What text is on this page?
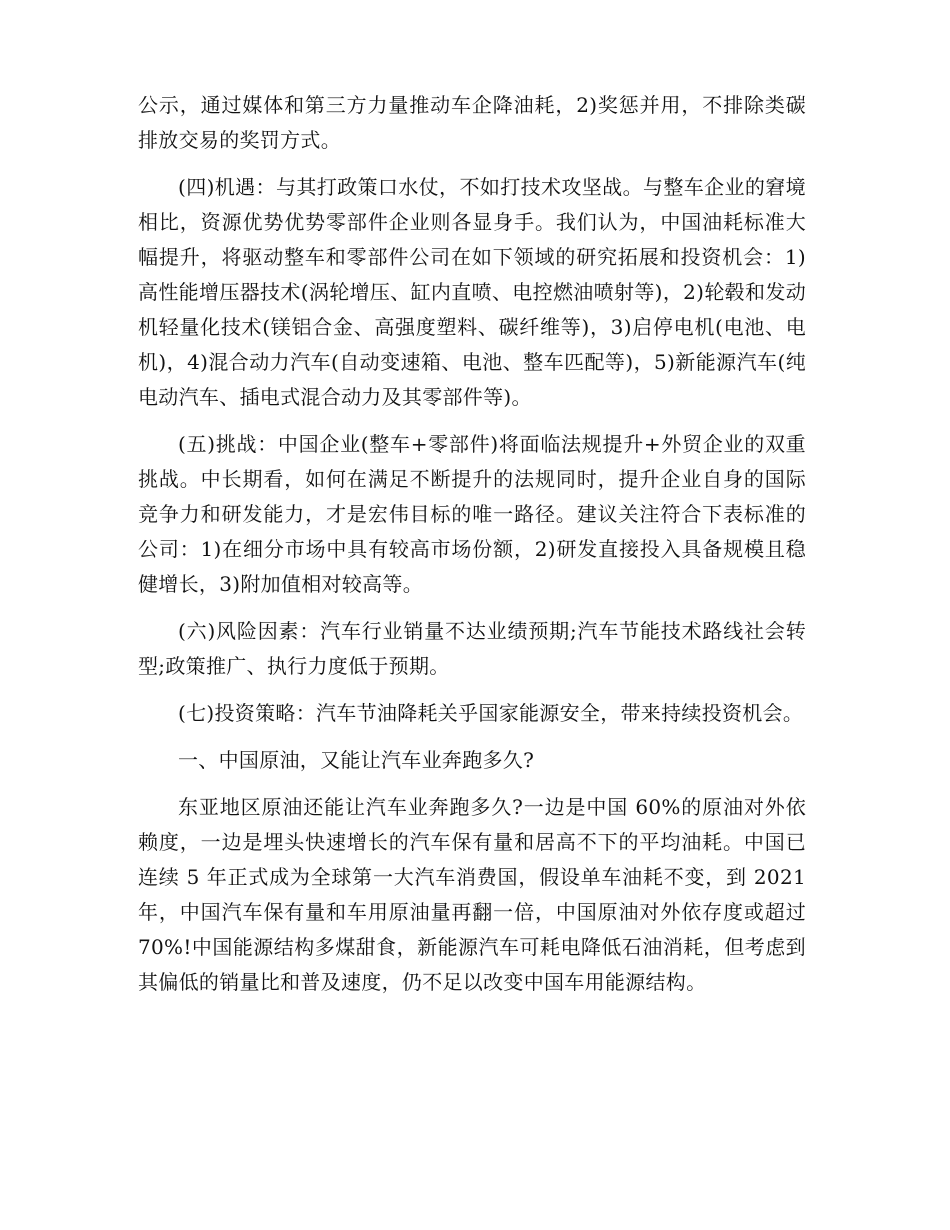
公示，通过媒体和第三方力量推动车企降油耗，2)奖惩并用，不排除类碳排放交易的奖罚方式。

(四)机遇：与其打政策口水仗，不如打技术攻坚战。与整车企业的窘境相比，资源优势优势零部件企业则各显身手。我们认为，中国油耗标准大幅提升，将驱动整车和零部件公司在如下领域的研究拓展和投资机会：1)高性能增压器技术(涡轮增压、缸内直喷、电控燃油喷射等)，2)轮毂和发动机轻量化技术(镁铝合金、高强度塑料、碳纤维等)，3)启停电机(电池、电机)，4)混合动力汽车(自动变速箱、电池、整车匹配等)，5)新能源汽车(纯电动汽车、插电式混合动力及其零部件等)。

(五)挑战：中国企业(整车+零部件)将面临法规提升+外贸企业的双重挑战。中长期看，如何在满足不断提升的法规同时，提升企业自身的国际竞争力和研发能力，才是宏伟目标的唯一路径。建议关注符合下表标准的公司：1)在细分市场中具有较高市场份额，2)研发直接投入具备规模且稳健增长，3)附加值相对较高等。

(六)风险因素：汽车行业销量不达业绩预期;汽车节能技术路线社会转型;政策推广、执行力度低于预期。

(七)投资策略：汽车节油降耗关乎国家能源安全，带来持续投资机会。

一、中国原油，又能让汽车业奔跑多久?

东亚地区原油还能让汽车业奔跑多久?一边是中国 60%的原油对外依赖度，一边是埋头快速增长的汽车保有量和居高不下的平均油耗。中国已连续 5 年正式成为全球第一大汽车消费国，假设单车油耗不变，到 2021 年，中国汽车保有量和车用原油量再翻一倍，中国原油对外依存度或超过 70%!中国能源结构多煤甜食，新能源汽车可耗电降低石油消耗，但考虑到其偏低的销量比和普及速度，仍不足以改变中国车用能源结构。
